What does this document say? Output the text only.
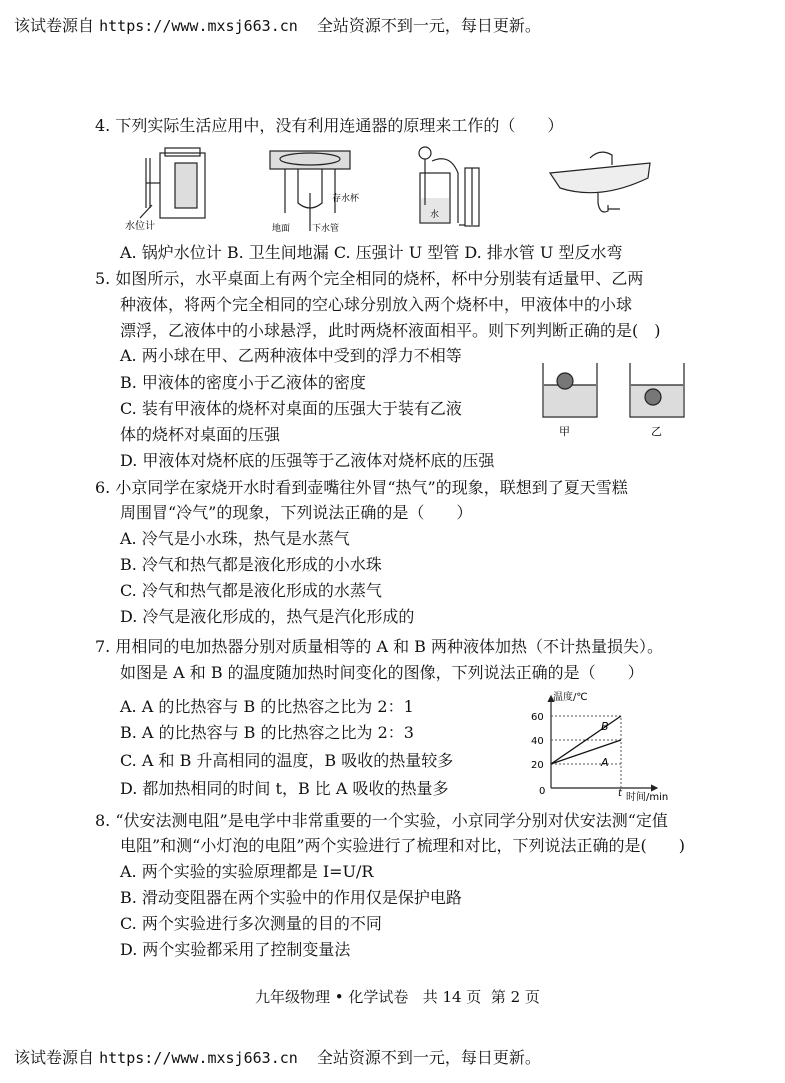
该试卷源自 https://www.mxsj663.cn 全站资源不到一元，每日更新。
4. 下列实际生活应用中，没有利用连通器的原理来工作的（　　）
水位计
存水杯
地面 下水管
水
A. 锅炉水位计 B. 卫生间地漏 C. 压强计 U 型管 D. 排水管 U 型反水弯
5. 如图所示，水平桌面上有两个完全相同的烧杯，杯中分别装有适量甲、乙两
种液体，将两个完全相同的空心球分别放入两个烧杯中，甲液体中的小球
漂浮，乙液体中的小球悬浮，此时两烧杯液面相平。则下列判断正确的是(　)
A. 两小球在甲、乙两种液体中受到的浮力不相等
B. 甲液体的密度小于乙液体的密度
C. 装有甲液体的烧杯对桌面的压强大于装有乙液
体的烧杯对桌面的压强
D. 甲液体对烧杯底的压强等于乙液体对烧杯底的压强
甲	乙
6. 小京同学在家烧开水时看到壶嘴往外冒“热气”的现象，联想到了夏天雪糕
周围冒“冷气”的现象，下列说法正确的是（　　）
A. 冷气是小水珠，热气是水蒸气
B. 冷气和热气都是液化形成的小水珠
C. 冷气和热气都是液化形成的水蒸气
D. 冷气是液化形成的，热气是汽化形成的
7. 用相同的电加热器分别对质量相等的 A 和 B 两种液体加热（不计热量损失）。
如图是 A 和 B 的温度随加热时间变化的图像，下列说法正确的是（　　）
A. A 的比热容与 B 的比热容之比为 2：1
B. A 的比热容与 B 的比热容之比为 2：3
C. A 和 B 升高相同的温度，B 吸收的热量较多
D. 都加热相同的时间 t，B 比 A 吸收的热量多
20
40
60
B
A
温度/℃
时间/min
0	t
8. “伏安法测电阻”是电学中非常重要的一个实验，小京同学分别对伏安法测“定值
电阻”和测“小灯泡的电阻”两个实验进行了梳理和对比，下列说法正确的是(　　)
A. 两个实验的实验原理都是 I=U/R
B. 滑动变阻器在两个实验中的作用仅是保护电路
C. 两个实验进行多次测量的目的不同
D. 两个实验都采用了控制变量法
九年级物理 • 化学试卷   共 14 页  第 2 页
该试卷源自 https://www.mxsj663.cn 全站资源不到一元，每日更新。
